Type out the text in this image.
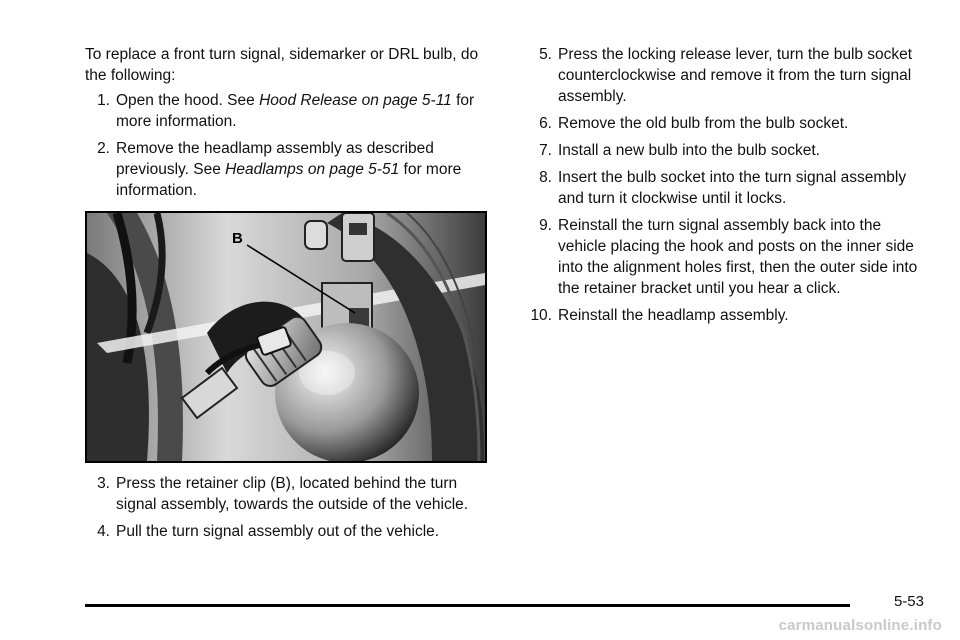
To replace a front turn signal, sidemarker or DRL bulb, do the following:

1. Open the hood. See Hood Release on page 5-11 for more information.
2. Remove the headlamp assembly as described previously. See Headlamps on page 5-51 for more information.
B
3. Press the retainer clip (B), located behind the turn signal assembly, towards the outside of the vehicle.
4. Pull the turn signal assembly out of the vehicle.
5. Press the locking release lever, turn the bulb socket counterclockwise and remove it from the turn signal assembly.
6. Remove the old bulb from the bulb socket.
7. Install a new bulb into the bulb socket.
8. Insert the bulb socket into the turn signal assembly and turn it clockwise until it locks.
9. Reinstall the turn signal assembly back into the vehicle placing the hook and posts on the inner side into the alignment holes first, then the outer side into the retainer bracket until you hear a click.
10. Reinstall the headlamp assembly.
5-53
carmanualsonline.info
